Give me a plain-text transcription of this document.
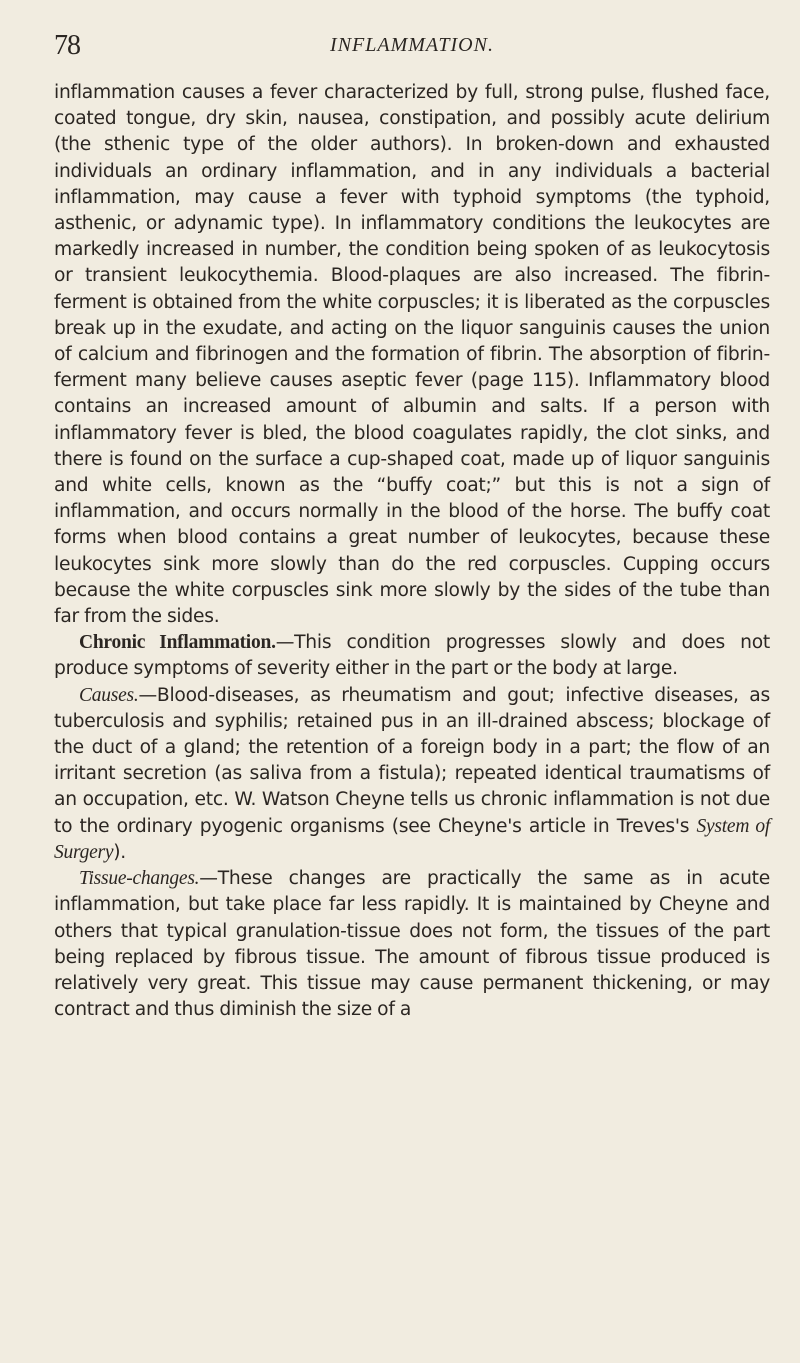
78	INFLAMMATION.

inflammation causes a fever characterized by full, strong pulse, flushed face, coated tongue, dry skin, nausea, constipation, and possibly acute delirium (the sthenic type of the older authors). In broken-down and exhausted individuals an ordinary inflammation, and in any individuals a bacterial inflammation, may cause a fever with typhoid symptoms (the typhoid, asthenic, or adynamic type). In inflammatory conditions the leukocytes are markedly increased in number, the condition being spoken of as leukocytosis or transient leukocythemia. Blood-plaques are also increased. The fibrin-ferment is obtained from the white corpuscles; it is liberated as the corpuscles break up in the exudate, and acting on the liquor sanguinis causes the union of calcium and fibrinogen and the formation of fibrin. The absorption of fibrin-ferment many believe causes aseptic fever (page 115). Inflammatory blood contains an increased amount of albumin and salts. If a person with inflammatory fever is bled, the blood coagulates rapidly, the clot sinks, and there is found on the surface a cup-shaped coat, made up of liquor sanguinis and white cells, known as the “buffy coat;” but this is not a sign of inflammation, and occurs normally in the blood of the horse. The buffy coat forms when blood contains a great number of leukocytes, because these leukocytes sink more slowly than do the red corpuscles. Cupping occurs because the white corpuscles sink more slowly by the sides of the tube than far from the sides.

Chronic Inflammation.—This condition progresses slowly and does not produce symptoms of severity either in the part or the body at large.

Causes.—Blood-diseases, as rheumatism and gout; infective diseases, as tuberculosis and syphilis; retained pus in an ill-drained abscess; blockage of the duct of a gland; the retention of a foreign body in a part; the flow of an irritant secretion (as saliva from a fistula); repeated identical traumatisms of an occupation, etc. W. Watson Cheyne tells us chronic inflammation is not due to the ordinary pyogenic organisms (see Cheyne's article in Treves's System of Surgery).

Tissue-changes.—These changes are practically the same as in acute inflammation, but take place far less rapidly. It is maintained by Cheyne and others that typical granulation-tissue does not form, the tissues of the part being replaced by fibrous tissue. The amount of fibrous tissue produced is relatively very great. This tissue may cause permanent thickening, or may contract and thus diminish the size of a
